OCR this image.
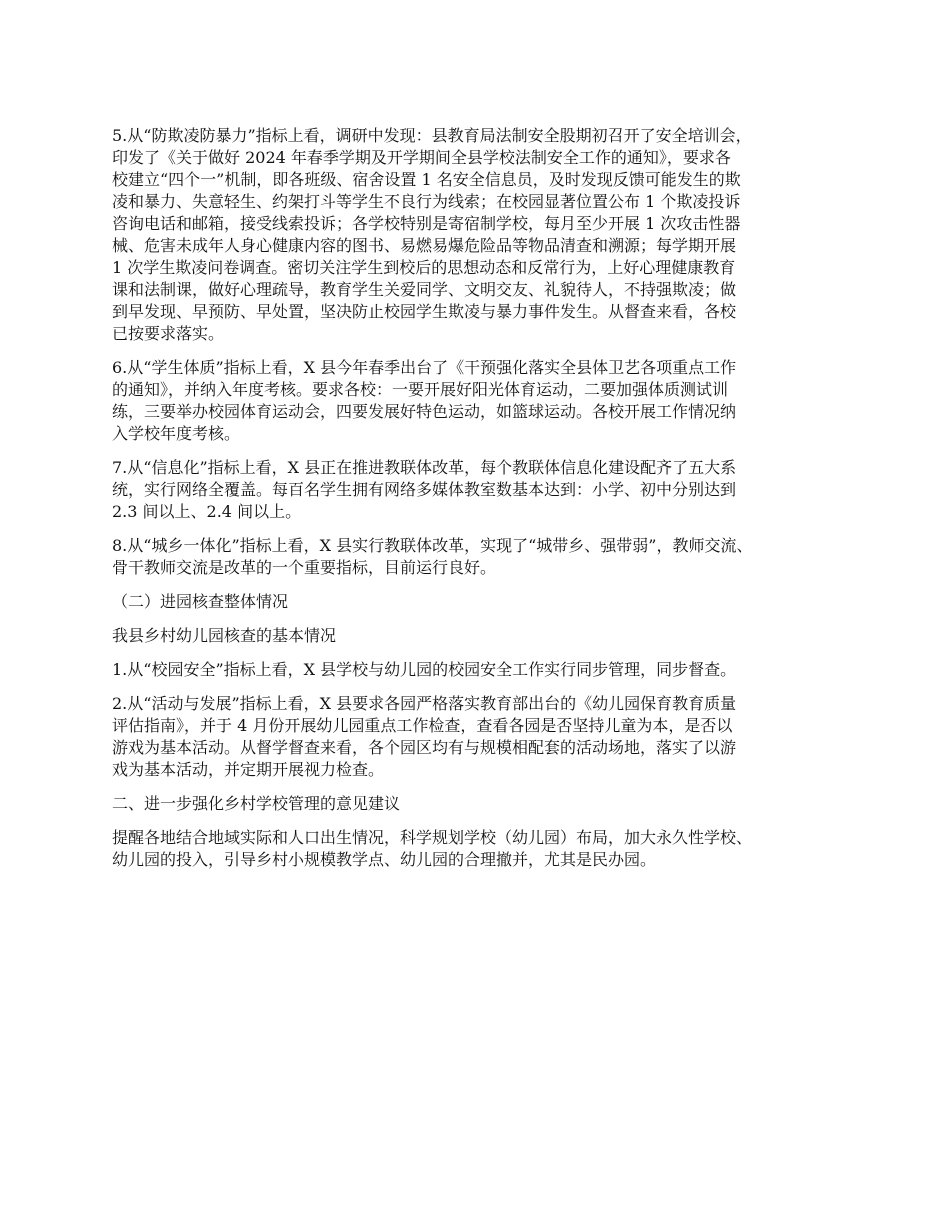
5.从“防欺凌防暴力”指标上看，调研中发现：县教育局法制安全股期初召开了安全培训会，
印发了《关于做好 2024 年春季学期及开学期间全县学校法制安全工作的通知》，要求各
校建立“四个一”机制，即各班级、宿舍设置 1 名安全信息员，及时发现反馈可能发生的欺
凌和暴力、失意轻生、约架打斗等学生不良行为线索；在校园显著位置公布 1 个欺凌投诉
咨询电话和邮箱，接受线索投诉；各学校特别是寄宿制学校，每月至少开展 1 次攻击性器
械、危害未成年人身心健康内容的图书、易燃易爆危险品等物品清查和溯源；每学期开展
1 次学生欺凌问卷调查。密切关注学生到校后的思想动态和反常行为，上好心理健康教育
课和法制课，做好心理疏导，教育学生关爱同学、文明交友、礼貌待人，不持强欺凌；做
到早发现、早预防、早处置，坚决防止校园学生欺凌与暴力事件发生。从督查来看，各校
已按要求落实。

6.从“学生体质”指标上看，X 县今年春季出台了《干预强化落实全县体卫艺各项重点工作
的通知》，并纳入年度考核。要求各校：一要开展好阳光体育运动，二要加强体质测试训
练，三要举办校园体育运动会，四要发展好特色运动，如篮球运动。各校开展工作情况纳
入学校年度考核。

7.从“信息化”指标上看，X 县正在推进教联体改革，每个教联体信息化建设配齐了五大系
统，实行网络全覆盖。每百名学生拥有网络多媒体教室数基本达到：小学、初中分别达到
2.3 间以上、2.4 间以上。

8.从“城乡一体化”指标上看，X 县实行教联体改革，实现了“城带乡、强带弱”，教师交流、
骨干教师交流是改革的一个重要指标，目前运行良好。

（二）进园核查整体情况

我县乡村幼儿园核查的基本情况

1.从“校园安全”指标上看，X 县学校与幼儿园的校园安全工作实行同步管理，同步督查。

2.从“活动与发展”指标上看，X 县要求各园严格落实教育部出台的《幼儿园保育教育质量
评估指南》，并于 4 月份开展幼儿园重点工作检查，查看各园是否坚持儿童为本，是否以
游戏为基本活动。从督学督查来看，各个园区均有与规模相配套的活动场地，落实了以游
戏为基本活动，并定期开展视力检查。

二、进一步强化乡村学校管理的意见建议

提醒各地结合地域实际和人口出生情况，科学规划学校（幼儿园）布局，加大永久性学校、
幼儿园的投入，引导乡村小规模教学点、幼儿园的合理撤并，尤其是民办园。
